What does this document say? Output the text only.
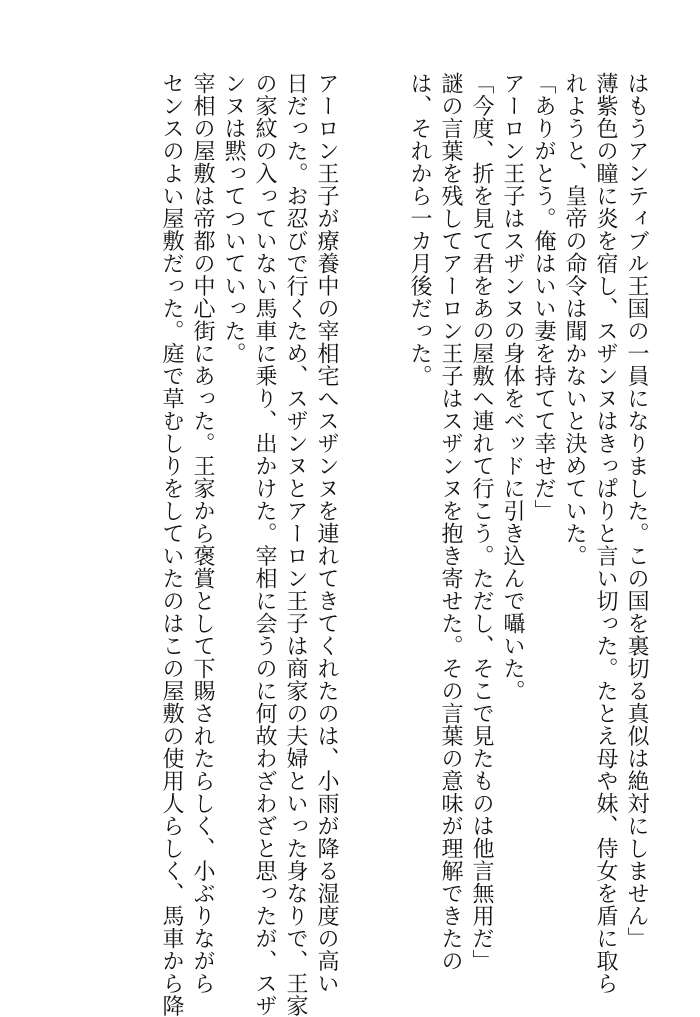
はもうアンティブル王国の一員になりました。この国を裏切る真似は絶対にしません」
薄紫色の瞳に炎を宿し、スザンヌはきっぱりと言い切った。たとえ母や妹、侍女を盾に取ら
れようと、皇帝の命令は聞かないと決めていた。
「ありがとう。俺はいい妻を持てて幸せだ」
アーロン王子はスザンヌの身体をベッドに引き込んで囁いた。
「今度、折を見て君をあの屋敷へ連れて行こう。ただし、そこで見たものは他言無用だ」
謎の言葉を残してアーロン王子はスザンヌを抱き寄せた。その言葉の意味が理解できたの
は、それから一カ月後だった。
アーロン王子が療養中の宰相宅へスザンヌを連れてきてくれたのは、小雨が降る湿度の高い
日だった。お忍びで行くため、スザンヌとアーロン王子は商家の夫婦といった身なりで、王家
の家紋の入っていない馬車に乗り、出かけた。宰相に会うのに何故わざわざと思ったが、スザ
ンヌは黙ってついていった。
宰相の屋敷は帝都の中心街にあった。王家から褒賞として下賜されたらしく、小ぶりながら
センスのよい屋敷だった。庭で草むしりをしていたのはこの屋敷の使用人らしく、馬車から降
